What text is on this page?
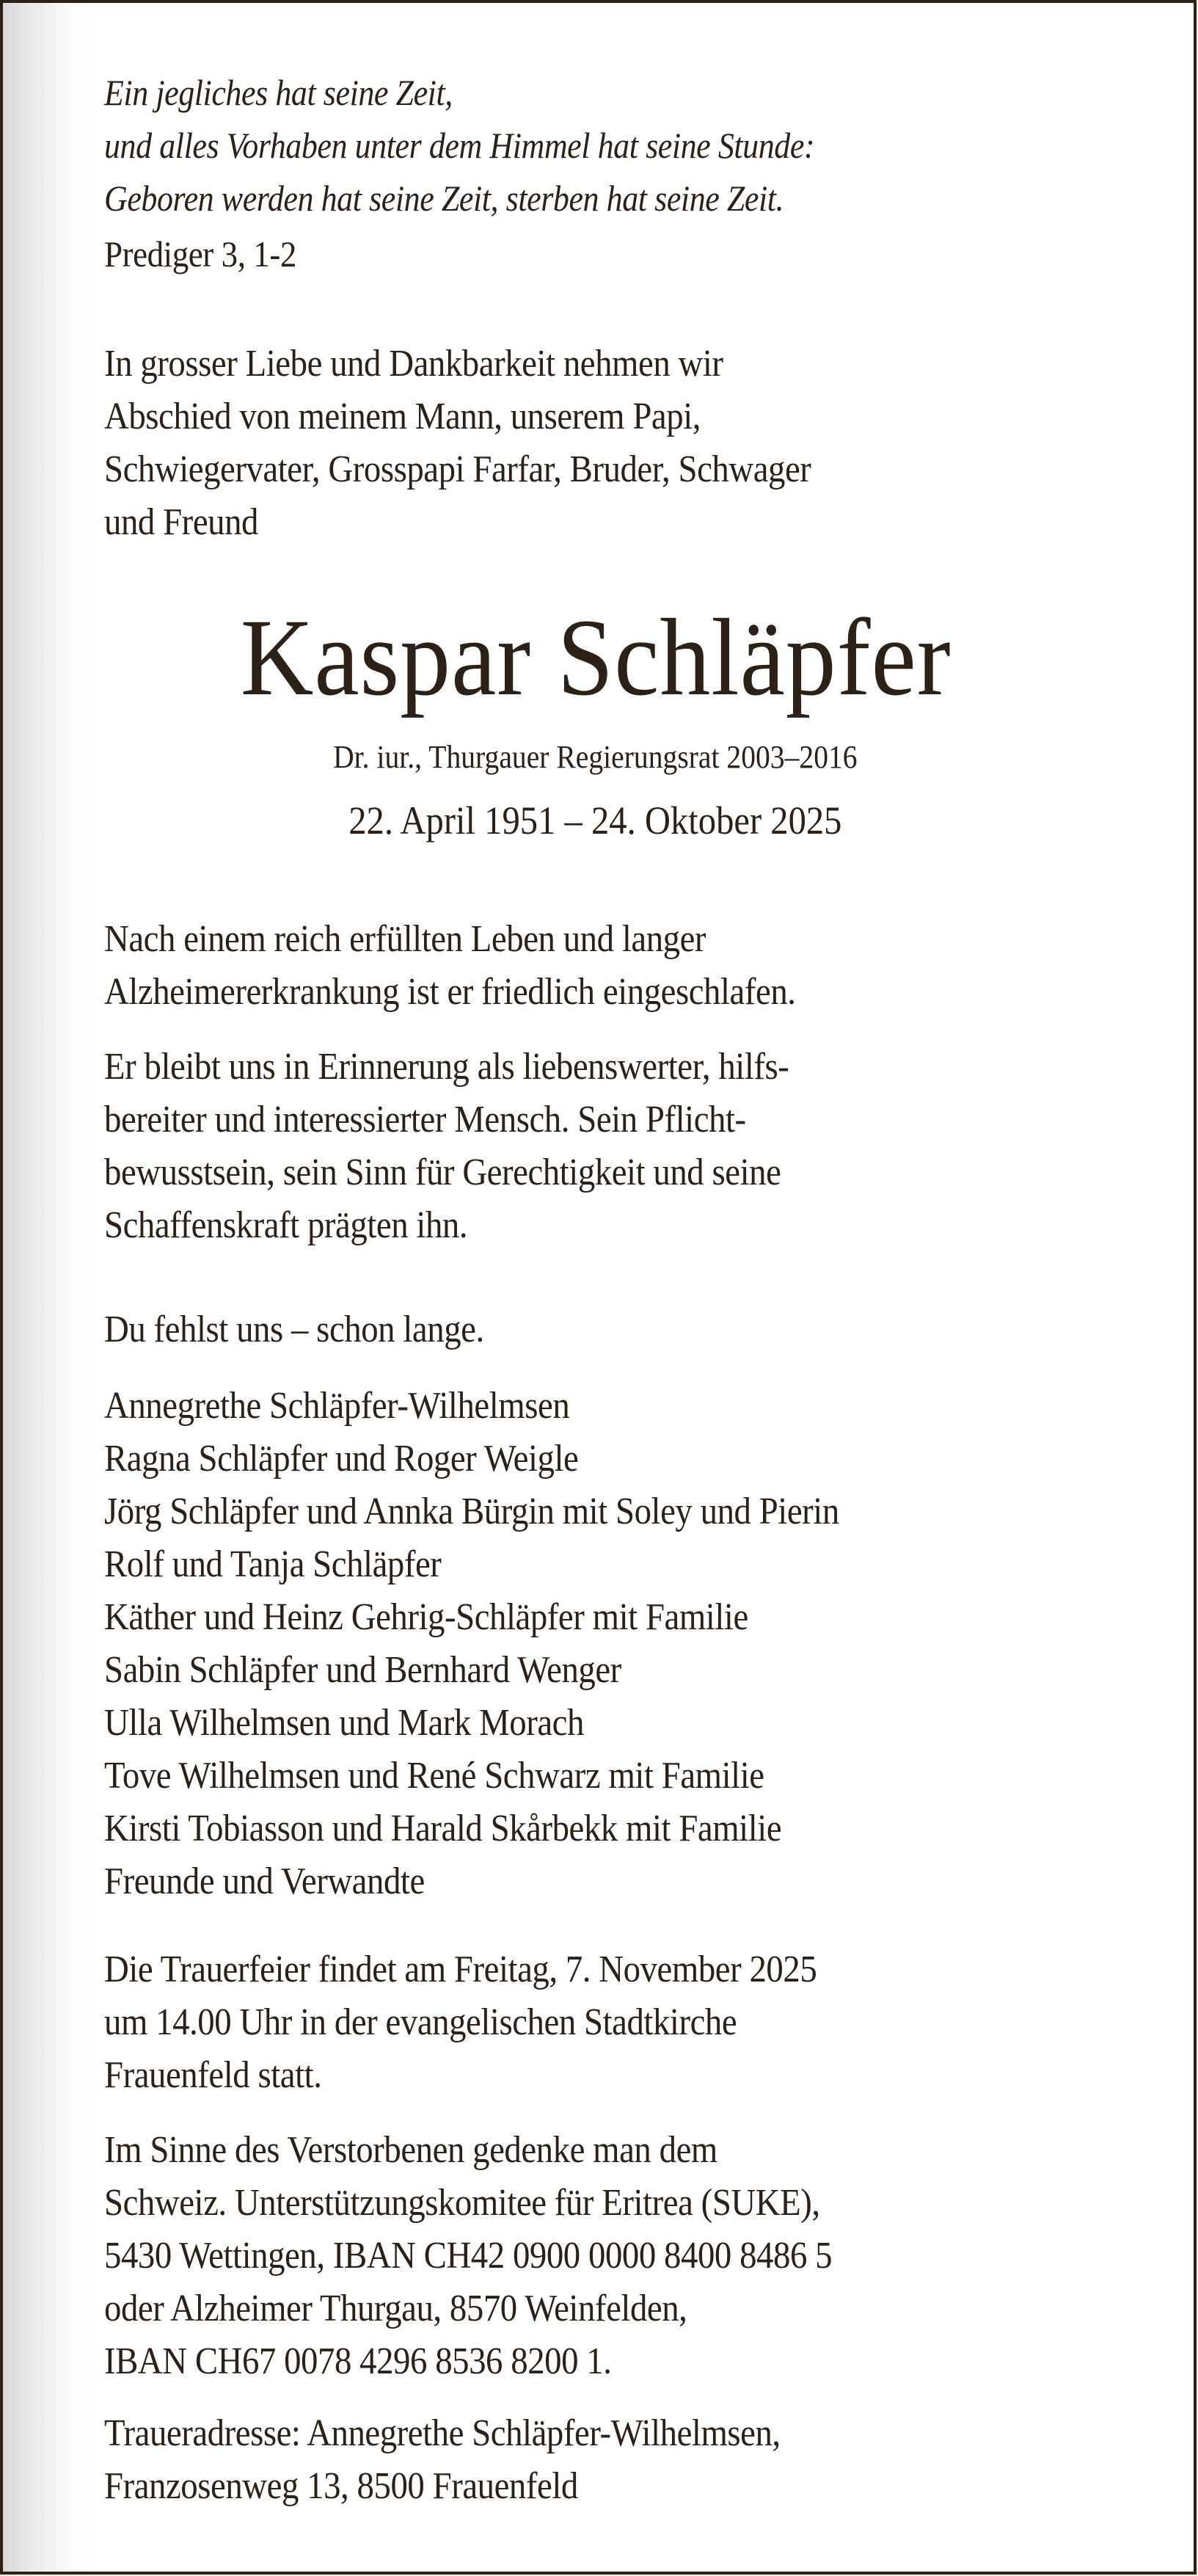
Ein jegliches hat seine Zeit,
und alles Vorhaben unter dem Himmel hat seine Stunde:
Geboren werden hat seine Zeit, sterben hat seine Zeit.
Prediger 3, 1-2
In grosser Liebe und Dankbarkeit nehmen wir
Abschied von meinem Mann, unserem Papi,
Schwiegervater, Grosspapi Farfar, Bruder, Schwager
und Freund
Kaspar Schläpfer
Dr. iur., Thurgauer Regierungsrat 2003–2016
22. April 1951 – 24. Oktober 2025
Nach einem reich erfüllten Leben und langer
Alzheimererkrankung ist er friedlich eingeschlafen.
Er bleibt uns in Erinnerung als liebenswerter, hilfs-
bereiter und interessierter Mensch. Sein Pflicht-
bewusstsein, sein Sinn für Gerechtigkeit und seine
Schaffenskraft prägten ihn.
Du fehlst uns – schon lange.
Annegrethe Schläpfer-Wilhelmsen
Ragna Schläpfer und Roger Weigle
Jörg Schläpfer und Annka Bürgin mit Soley und Pierin
Rolf und Tanja Schläpfer
Käther und Heinz Gehrig-Schläpfer mit Familie
Sabin Schläpfer und Bernhard Wenger
Ulla Wilhelmsen und Mark Morach
Tove Wilhelmsen und René Schwarz mit Familie
Kirsti Tobiasson und Harald Skårbekk mit Familie
Freunde und Verwandte
Die Trauerfeier findet am Freitag, 7. November 2025
um 14.00 Uhr in der evangelischen Stadtkirche
Frauenfeld statt.
Im Sinne des Verstorbenen gedenke man dem
Schweiz. Unterstützungskomitee für Eritrea (SUKE),
5430 Wettingen, IBAN CH42 0900 0000 8400 8486 5
oder Alzheimer Thurgau, 8570 Weinfelden,
IBAN CH67 0078 4296 8536 8200 1.
Traueradresse: Annegrethe Schläpfer-Wilhelmsen,
Franzosenweg 13, 8500 Frauenfeld
